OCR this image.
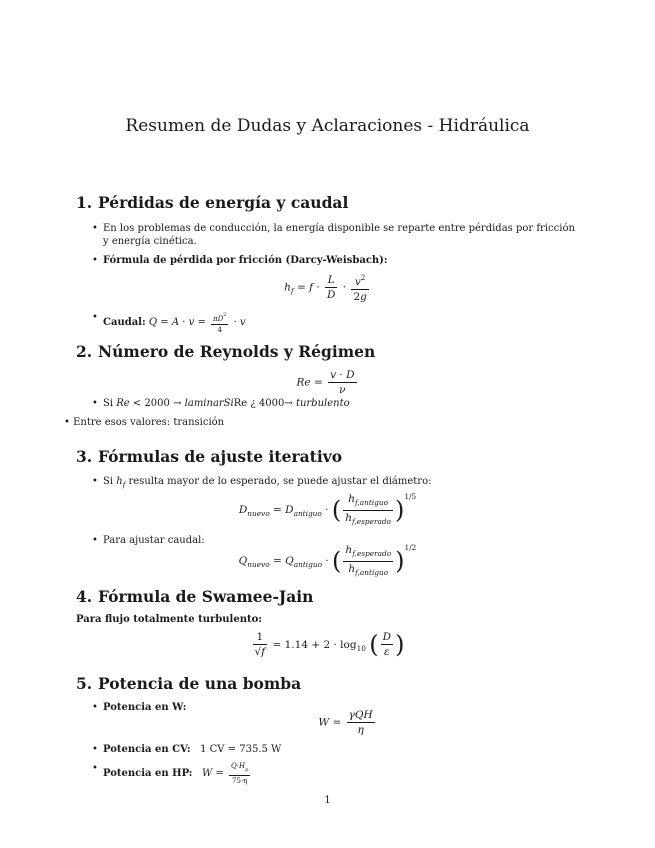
Resumen de Dudas y Aclaraciones - Hidráulica
1. Pérdidas de energía y caudal
• En los problemas de conducción, la energía disponible se reparte entre pérdidas por fricción y energía cinética.
• Fórmula de pérdida por fricción (Darcy-Weisbach):
$h_f = f \cdot \frac{L}{D} \cdot \frac{v^2}{2g}$
• Caudal: $Q = A \cdot v = \frac{\pi D^2}{4} \cdot v$
2. Número de Reynolds y Régimen
$Re = \frac{v \cdot D}{\nu}$
• Si Re < 2000 → laminarSiRe ¿ 4000→ turbulento
• Entre esos valores: transición
3. Fórmulas de ajuste iterativo
• Si $h_f$ resulta mayor de lo esperado, se puede ajustar el diámetro:
$D_{nuevo} = D_{antiguo}$ · ( $\frac{h_{f,antiguo}}{h_{f,esperado}} )^{1/5}$
• Para ajustar caudal:
$Q_{nuevo} = Q_{antiguo}$ · ( $\frac{h_{f,esperado}}{h_{f,antiguo}} )^{1/2}$
4. Fórmula de Swamee-Jain
Para flujo totalmente turbulento:
$\frac{1}{√f} = 1.14 + 2 \cdot \log_{10}$ ( $\frac{D}{\varepsilon}$ )
5. Potencia de una bomba
• Potencia en W:
$W = \frac{\text{γQH}}{\eta}$
• Potencia en CV: 1 CV = 735.5 W
• Potencia en HP: $W = \frac{Q\cdot H_p}{75\cdot\eta}$
1
